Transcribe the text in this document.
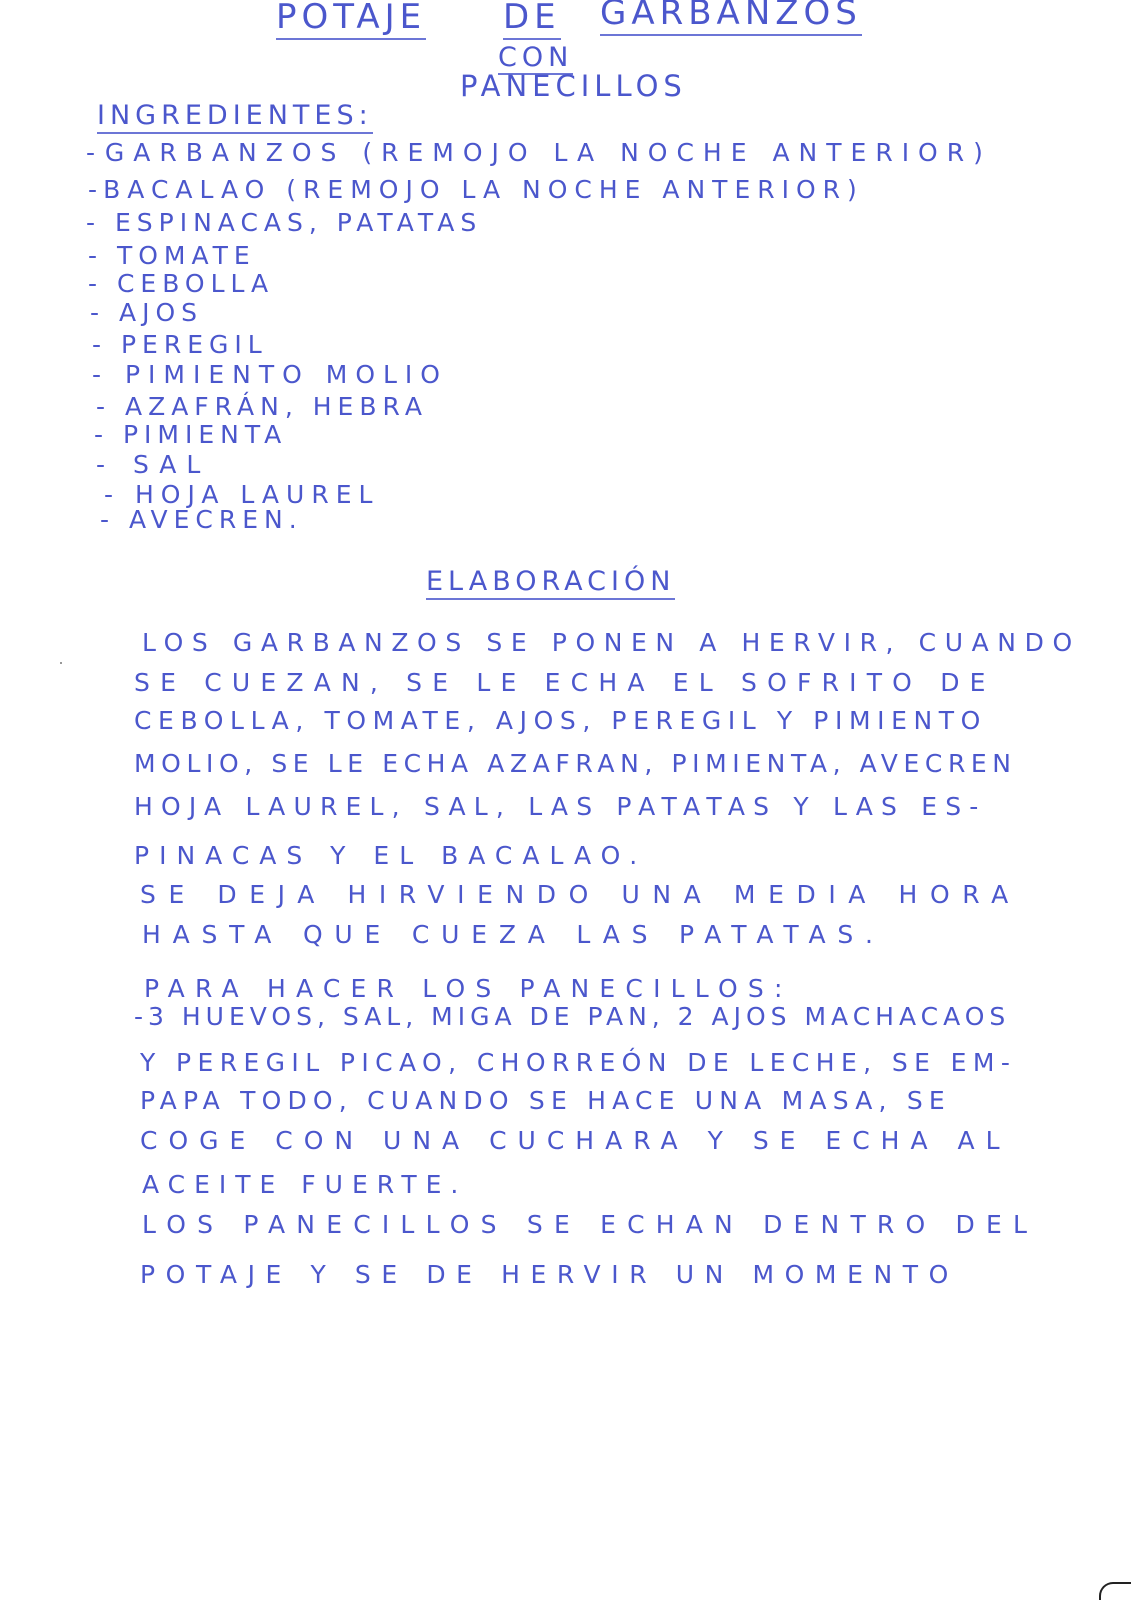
POTAJE DE GARBANZOS
CON
PANECILLOS
INGREDIENTES:
-GARBANZOS (REMOJO LA NOCHE ANTERIOR)
-BACALAO (REMOJO LA NOCHE ANTERIOR)
- ESPINACAS, PATATAS
- TOMATE
- CEBOLLA
- AJOS
- PEREGIL
- PIMIENTO MOLIO
- AZAFRÁN, HEBRA
- PIMIENTA
- SAL
- HOJA LAUREL
- AVECREN.
ELABORACIÓN
LOS GARBANZOS SE PONEN A HERVIR, CUANDO
SE CUEZAN, SE LE ECHA EL SOFRITO DE
CEBOLLA, TOMATE, AJOS, PEREGIL Y PIMIENTO
MOLIO, SE LE ECHA AZAFRAN, PIMIENTA, AVECREN
HOJA LAUREL, SAL, LAS PATATAS Y LAS ES-
PINACAS Y EL BACALAO.
SE DEJA HIRVIENDO UNA MEDIA HORA
HASTA QUE CUEZA LAS PATATAS.
PARA HACER LOS PANECILLOS:
-3 HUEVOS, SAL, MIGA DE PAN, 2 AJOS MACHACAOS
Y PEREGIL PICAO, CHORREÓN DE LECHE, SE EM-
PAPA TODO, CUANDO SE HACE UNA MASA, SE
COGE CON UNA CUCHARA Y SE ECHA AL
ACEITE FUERTE.
LOS PANECILLOS SE ECHAN DENTRO DEL
POTAJE Y SE DE HERVIR UN MOMENTO
